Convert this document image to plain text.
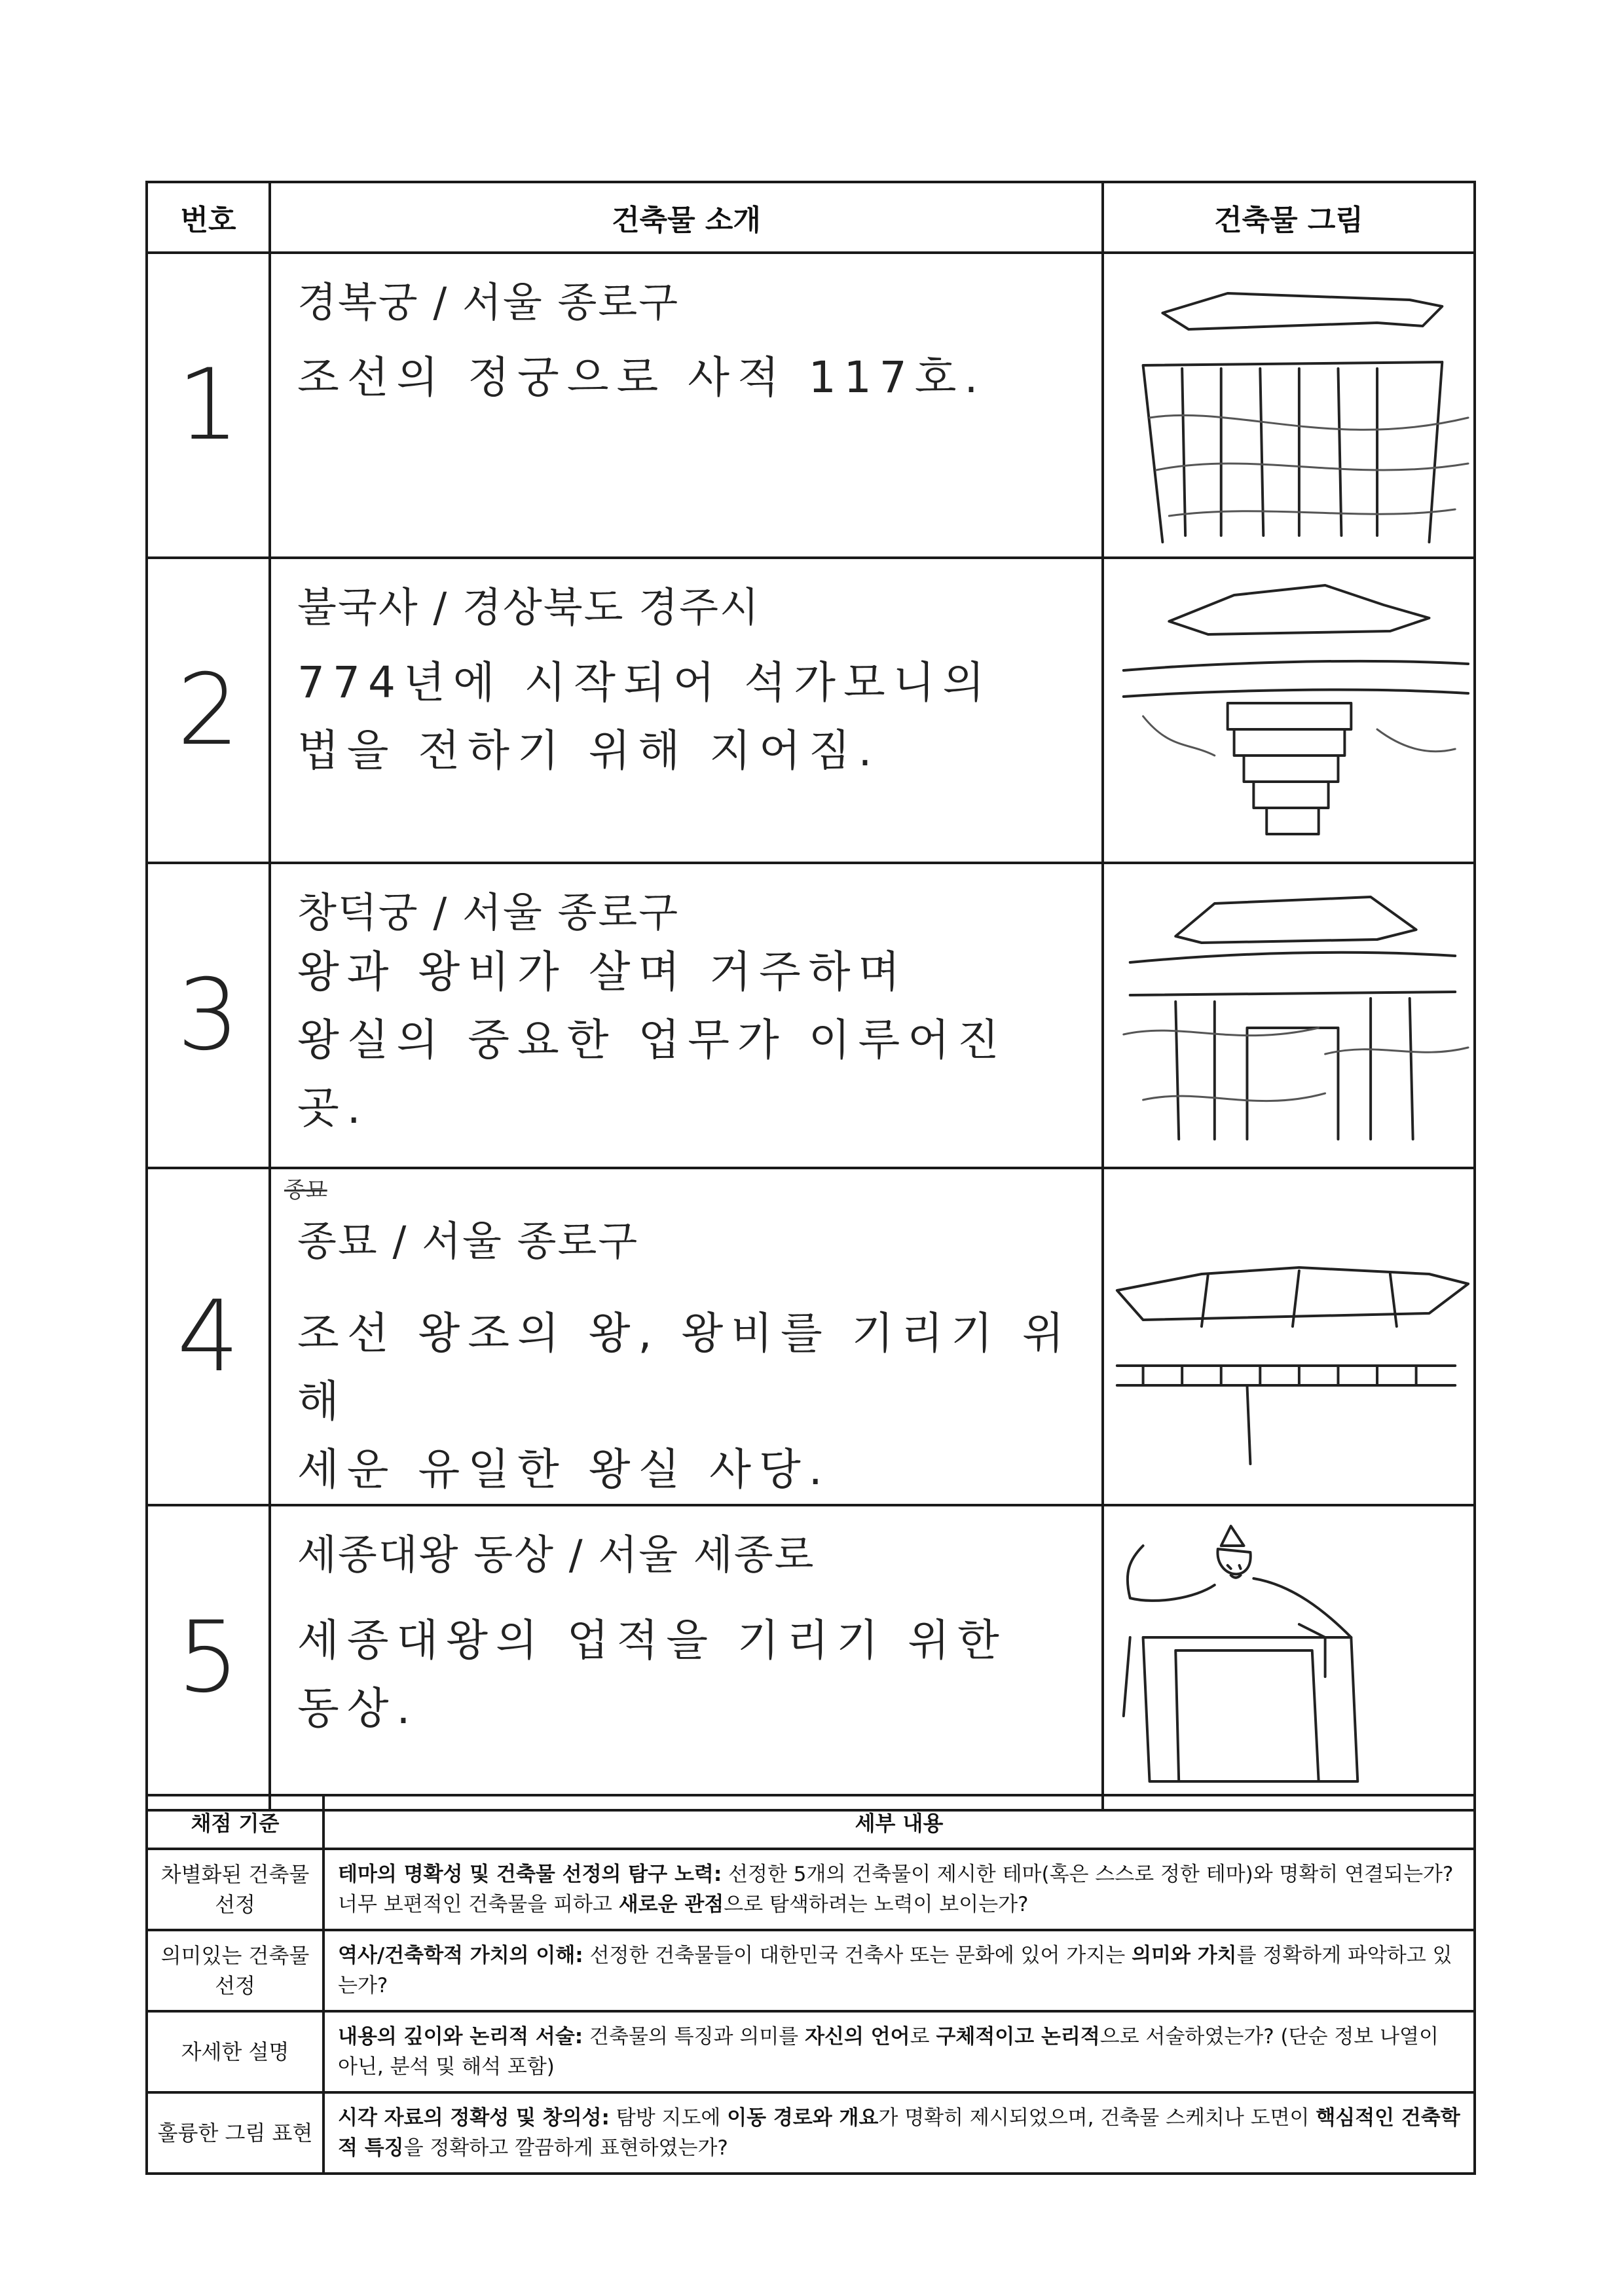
번호	건축물 소개	건축물 그림
1	경복궁 / 서울 종로구
조선의 정궁으로 사적 117호.

2	불국사 / 경상북도 경주시
774년에 시작되어 석가모니의
법을 전하기 위해 지어짐.

3	창덕궁 / 서울 종로구
왕과 왕비가 살며 거주하며
왕실의 중요한 업무가 이루어진 곳.

4	종묘
종묘 / 서울 종로구
조선 왕조의 왕, 왕비를 기리기 위해
세운 유일한 왕실 사당.

5	세종대왕 동상 / 서울 세종로
세종대왕의 업적을 기리기 위한
동상.

채점 기준	세부 내용
차별화된 건축물 선정	테마의 명확성 및 건축물 선정의 탐구 노력: 선정한 5개의 건축물이 제시한 테마(혹은 스스로 정한 테마)와 명확히 연결되는가? 너무 보편적인 건축물을 피하고 새로운 관점으로 탐색하려는 노력이 보이는가?
의미있는 건축물 선정	역사/건축학적 가치의 이해: 선정한 건축물들이 대한민국 건축사 또는 문화에 있어 가지는 의미와 가치를 정확하게 파악하고 있는가?
자세한 설명	내용의 깊이와 논리적 서술: 건축물의 특징과 의미를 자신의 언어로 구체적이고 논리적으로 서술하였는가? (단순 정보 나열이 아닌, 분석 및 해석 포함)
훌륭한 그림 표현	시각 자료의 정확성 및 창의성: 탐방 지도에 이동 경로와 개요가 명확히 제시되었으며, 건축물 스케치나 도면이 핵심적인 건축학적 특징을 정확하고 깔끔하게 표현하였는가?
